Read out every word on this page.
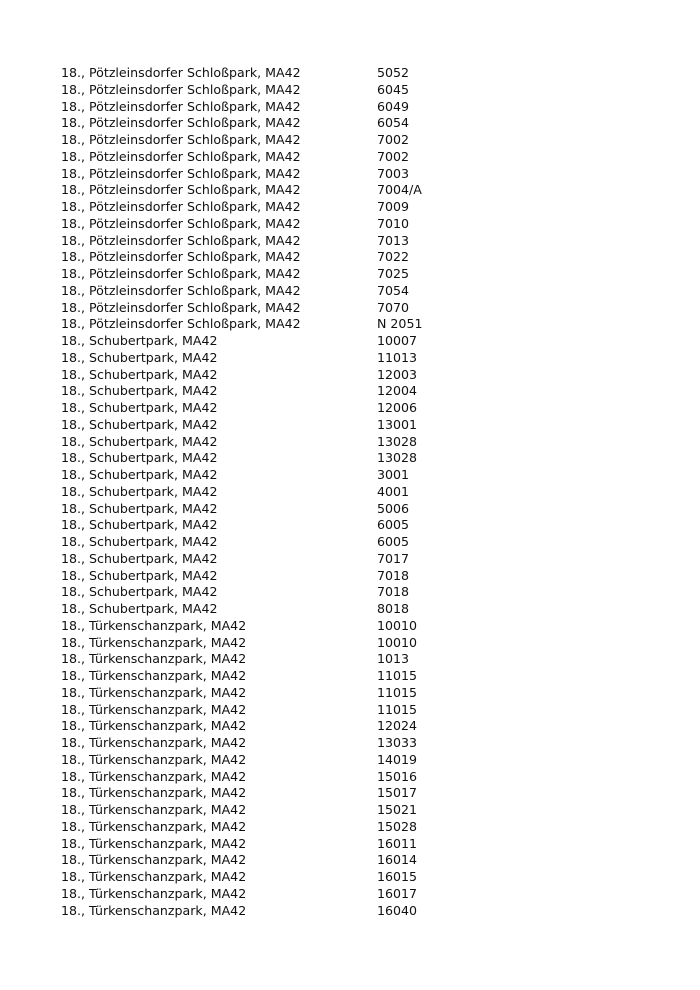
18., Pötzleinsdorfer Schloßpark, MA42	5052
18., Pötzleinsdorfer Schloßpark, MA42	6045
18., Pötzleinsdorfer Schloßpark, MA42	6049
18., Pötzleinsdorfer Schloßpark, MA42	6054
18., Pötzleinsdorfer Schloßpark, MA42	7002
18., Pötzleinsdorfer Schloßpark, MA42	7002
18., Pötzleinsdorfer Schloßpark, MA42	7003
18., Pötzleinsdorfer Schloßpark, MA42	7004/A
18., Pötzleinsdorfer Schloßpark, MA42	7009
18., Pötzleinsdorfer Schloßpark, MA42	7010
18., Pötzleinsdorfer Schloßpark, MA42	7013
18., Pötzleinsdorfer Schloßpark, MA42	7022
18., Pötzleinsdorfer Schloßpark, MA42	7025
18., Pötzleinsdorfer Schloßpark, MA42	7054
18., Pötzleinsdorfer Schloßpark, MA42	7070
18., Pötzleinsdorfer Schloßpark, MA42	N 2051
18., Schubertpark, MA42	10007
18., Schubertpark, MA42	11013
18., Schubertpark, MA42	12003
18., Schubertpark, MA42	12004
18., Schubertpark, MA42	12006
18., Schubertpark, MA42	13001
18., Schubertpark, MA42	13028
18., Schubertpark, MA42	13028
18., Schubertpark, MA42	3001
18., Schubertpark, MA42	4001
18., Schubertpark, MA42	5006
18., Schubertpark, MA42	6005
18., Schubertpark, MA42	6005
18., Schubertpark, MA42	7017
18., Schubertpark, MA42	7018
18., Schubertpark, MA42	7018
18., Schubertpark, MA42	8018
18., Türkenschanzpark, MA42	10010
18., Türkenschanzpark, MA42	10010
18., Türkenschanzpark, MA42	1013
18., Türkenschanzpark, MA42	11015
18., Türkenschanzpark, MA42	11015
18., Türkenschanzpark, MA42	11015
18., Türkenschanzpark, MA42	12024
18., Türkenschanzpark, MA42	13033
18., Türkenschanzpark, MA42	14019
18., Türkenschanzpark, MA42	15016
18., Türkenschanzpark, MA42	15017
18., Türkenschanzpark, MA42	15021
18., Türkenschanzpark, MA42	15028
18., Türkenschanzpark, MA42	16011
18., Türkenschanzpark, MA42	16014
18., Türkenschanzpark, MA42	16015
18., Türkenschanzpark, MA42	16017
18., Türkenschanzpark, MA42	16040
